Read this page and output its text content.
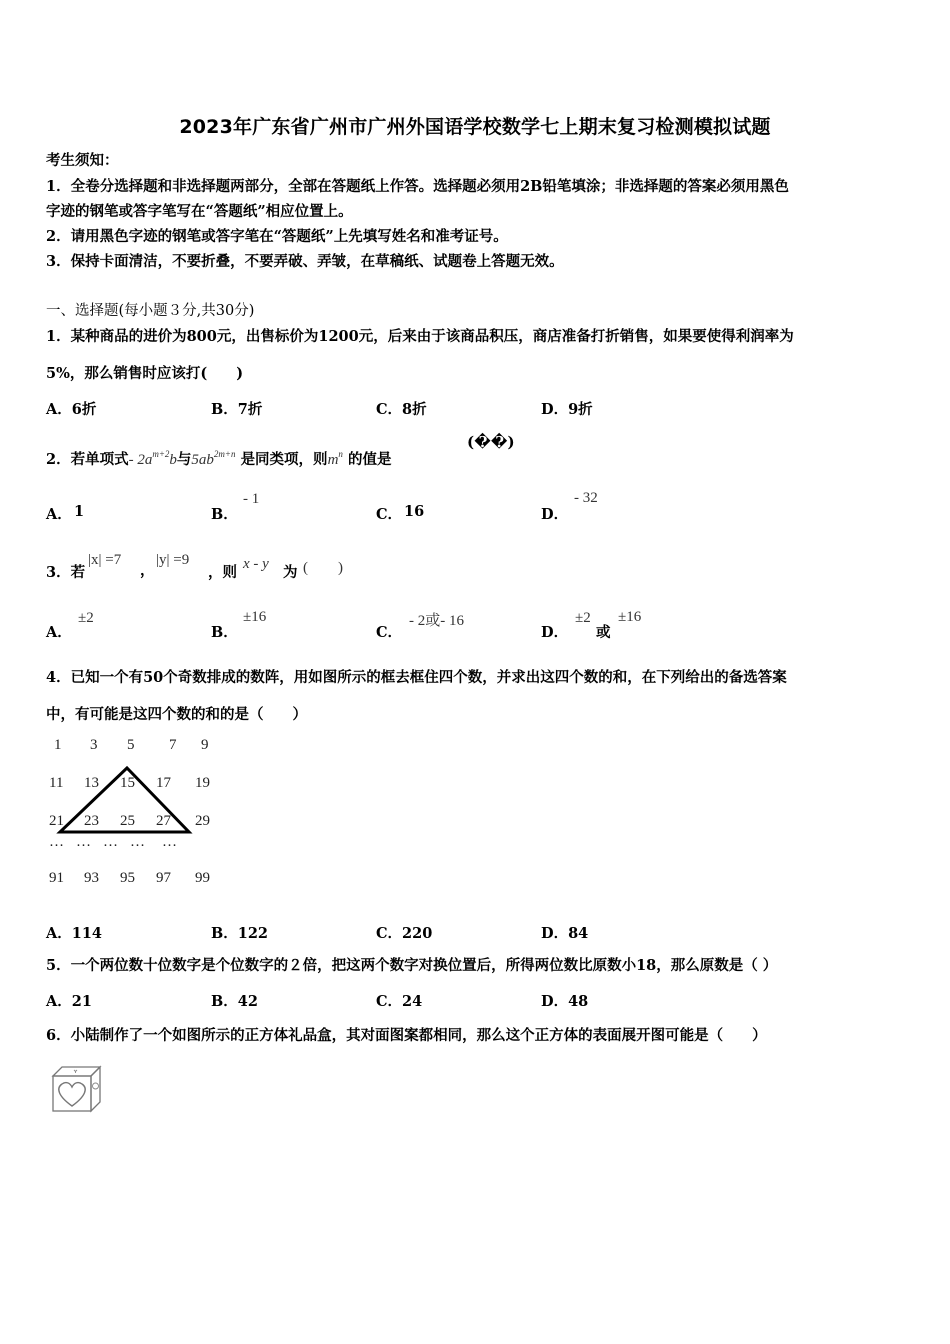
2023年广东省广州市广州外国语学校数学七上期末复习检测模拟试题
考生须知：
1．全卷分选择题和非选择题两部分，全部在答题纸上作答。选择题必须用2B铅笔填涂；非选择题的答案必须用黑色
字迹的钢笔或答字笔写在“答题纸”相应位置上。
2．请用黑色字迹的钢笔或答字笔在“答题纸”上先填写姓名和准考证号。
3．保持卡面清洁，不要折叠，不要弄破、弄皱，在草稿纸、试题卷上答题无效。
一、选择题(每小题３分,共30分)
1．某种商品的进价为800元，出售标价为1200元，后来由于该商品积压，商店准备打折销售，如果要使得利润率为
5%，那么销售时应该打(　　)
A．6折	B．7折	C．8折	D．9折
2．若单项式- $2a^{m+2}b$与$5ab^{2m+n}$ 是同类项，则$m^n$ 的值是
(��)
A． 1	B．
- 1
C． 16	D．
- 32
3．若
|x| =7
，
|y| =9
，则 x - y 为 (　　)
A．
±2
B．
±16
C．
- 2或- 16
D．
±2
或
±16
4．已知一个有50个奇数排成的数阵，用如图所示的框去框住四个数，并求出这四个数的和，在下列给出的备选答案
中，有可能是这四个数的和的是（　　）
1 3 5 7 9
11 13 15 17 19
21 23 25 27 29
… … … … …
91 93 95 97 99
A．114	B．122	C．220	D．84
5．一个两位数十位数字是个位数字的２倍，把这两个数字对换位置后，所得两位数比原数小18，那么原数是（ ）
A．21	B．42	C．24	D．48
6．小陆制作了一个如图所示的正方体礼品盒，其对面图案都相同，那么这个正方体的表面展开图可能是（　　）
